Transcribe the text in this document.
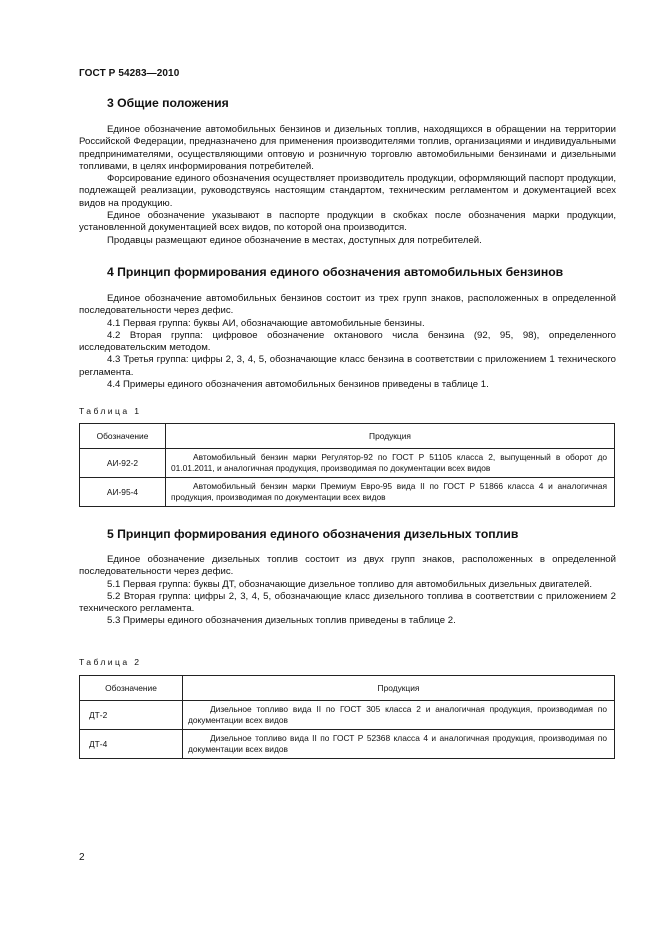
ГОСТ Р 54283—2010
3 Общие положения

Единое обозначение автомобильных бензинов и дизельных топлив, находящихся в обращении на территории Российской Федерации, предназначено для применения производителями топлив, организациями и индивидуальными предпринимателями, осуществляющими оптовую и розничную торговлю автомобильными бензинами и дизельными топливами, в целях информирования потребителей.

Форсирование единого обозначения осуществляет производитель продукции, оформляющий паспорт продукции, подлежащей реализации, руководствуясь настоящим стандартом, техническим регламентом и документацией всех видов на продукцию.

Единое обозначение указывают в паспорте продукции в скобках после обозначения марки продукции, установленной документацией всех видов, по которой она производится.

Продавцы размещают единое обозначение в местах, доступных для потребителей.

4 Принцип формирования единого обозначения автомобильных бензинов

Единое обозначение автомобильных бензинов состоит из трех групп знаков, расположенных в определенной последовательности через дефис.

4.1 Первая группа: буквы АИ, обозначающие автомобильные бензины.

4.2 Вторая группа: цифровое обозначение октанового числа бензина (92, 95, 98), определенного исследовательским методом.

4.3 Третья группа: цифры 2, 3, 4, 5, обозначающие класс бензина в соответствии с приложением 1 технического регламента.

4.4 Примеры единого обозначения автомобильных бензинов приведены в таблице 1.

Таблица 1
Обозначение	Продукция
АИ-92-2	Автомобильный бензин марки Регулятор-92 по ГОСТ Р 51105 класса 2, выпущенный в оборот до 01.01.2011, и аналогичная продукция, производимая по документации всех видов

АИ-95-4	Автомобильный бензин марки Премиум Евро-95 вида II по ГОСТ Р 51866 класса 4 и аналогичная продукция, производимая по документации всех видов
5 Принцип формирования единого обозначения дизельных топлив

Единое обозначение дизельных топлив состоит из двух групп знаков, расположенных в определенной последовательности через дефис.

5.1 Первая группа: буквы ДТ, обозначающие дизельное топливо для автомобильных дизельных двигателей.

5.2 Вторая группа: цифры 2, 3, 4, 5, обозначающие класс дизельного топлива в соответствии с приложением 2 технического регламента.

5.3 Примеры единого обозначения дизельных топлив приведены в таблице 2.

Таблица 2
Обозначение	Продукция
ДТ-2	Дизельное топливо вида II по ГОСТ 305 класса 2 и аналогичная продукция, производимая по документации всех видов

ДТ-4	Дизельное топливо вида II по ГОСТ Р 52368 класса 4 и аналогичная продукция, производимая по документации всех видов
2
